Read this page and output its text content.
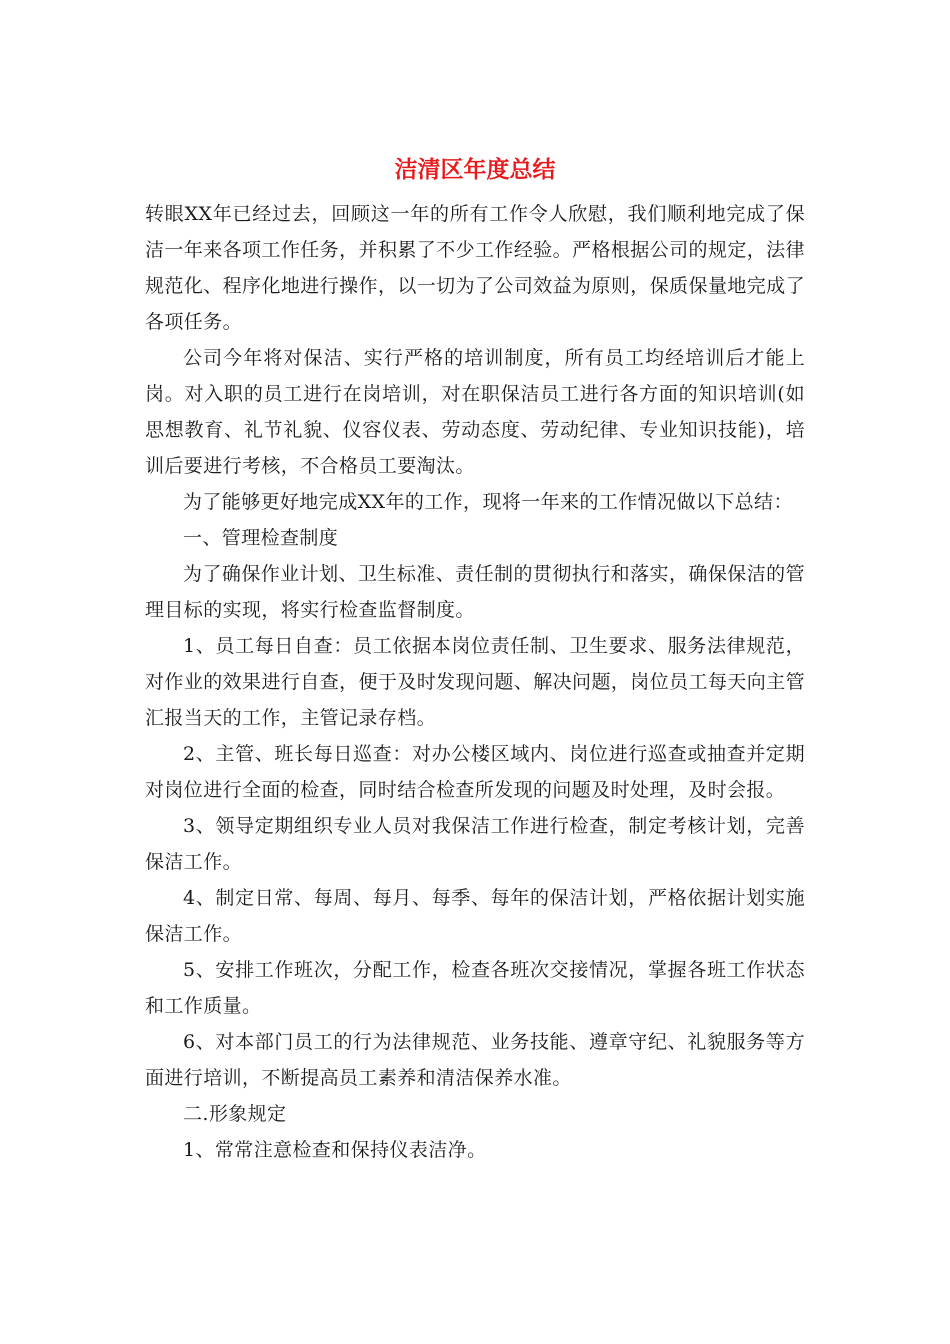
洁清区年度总结

转眼XX年已经过去，回顾这一年的所有工作令人欣慰，我们顺利地完成了保洁一年来各项工作任务，并积累了不少工作经验。严格根据公司的规定，法律规范化、程序化地进行操作，以一切为了公司效益为原则，保质保量地完成了各项任务。

公司今年将对保洁、实行严格的培训制度，所有员工均经培训后才能上岗。对入职的员工进行在岗培训，对在职保洁员工进行各方面的知识培训(如思想教育、礼节礼貌、仪容仪表、劳动态度、劳动纪律、专业知识技能)，培训后要进行考核，不合格员工要淘汰。

为了能够更好地完成XX年的工作，现将一年来的工作情况做以下总结：

一、管理检查制度

为了确保作业计划、卫生标准、责任制的贯彻执行和落实，确保保洁的管理目标的实现，将实行检查监督制度。

1、员工每日自查：员工依据本岗位责任制、卫生要求、服务法律规范，对作业的效果进行自查，便于及时发现问题、解决问题，岗位员工每天向主管汇报当天的工作，主管记录存档。

2、主管、班长每日巡查：对办公楼区域内、岗位进行巡查或抽查并定期对岗位进行全面的检查，同时结合检查所发现的问题及时处理，及时会报。

3、领导定期组织专业人员对我保洁工作进行检查，制定考核计划，完善保洁工作。

4、制定日常、每周、每月、每季、每年的保洁计划，严格依据计划实施保洁工作。

5、安排工作班次，分配工作，检查各班次交接情况，掌握各班工作状态和工作质量。

6、对本部门员工的行为法律规范、业务技能、遵章守纪、礼貌服务等方面进行培训，不断提高员工素养和清洁保养水准。

二.形象规定

1、常常注意检查和保持仪表洁净。
